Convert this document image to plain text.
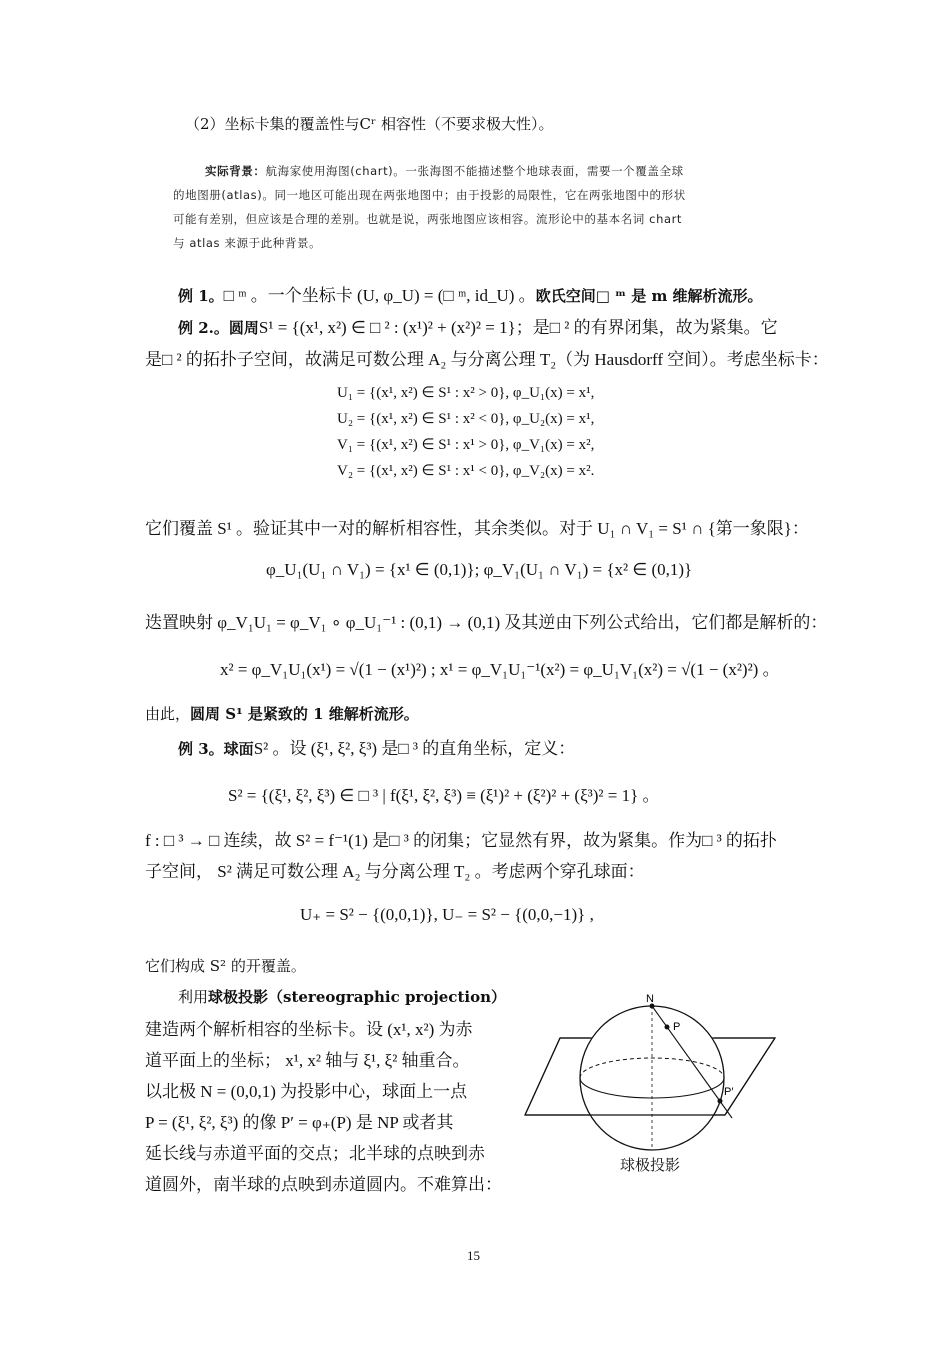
（2）坐标卡集的覆盖性与Cʳ 相容性（不要求极大性）。
实际背景：航海家使用海图(chart)。一张海图不能描述整个地球表面，需要一个覆盖全球
的地图册(atlas)。同一地区可能出现在两张地图中；由于投影的局限性，它在两张地图中的形状
可能有差别，但应该是合理的差别。也就是说，两张地图应该相容。流形论中的基本名词 chart
与 atlas 来源于此种背景。
例 1。□ ᵐ 。一个坐标卡 (U, φ_U) = (□ ᵐ, id_U) 。欧氏空间□ ᵐ 是 m 维解析流形。
例 2.。圆周S¹ = {(x¹, x²) ∈ □ ² : (x¹)² + (x²)² = 1}；是□ ² 的有界闭集，故为紧集。它
是□ ² 的拓扑子空间，故满足可数公理 A₂ 与分离公理 T₂（为 Hausdorff 空间）。考虑坐标卡：
U₁ = {(x¹, x²) ∈ S¹ : x² > 0}, φ_U₁(x) = x¹,
U₂ = {(x¹, x²) ∈ S¹ : x² < 0}, φ_U₂(x) = x¹,
V₁ = {(x¹, x²) ∈ S¹ : x¹ > 0}, φ_V₁(x) = x²,
V₂ = {(x¹, x²) ∈ S¹ : x¹ < 0}, φ_V₂(x) = x².
它们覆盖 S¹ 。验证其中一对的解析相容性，其余类似。对于 U₁ ∩ V₁ = S¹ ∩ {第一象限}：
φ_U₁(U₁ ∩ V₁) = {x¹ ∈ (0,1)}; φ_V₁(U₁ ∩ V₁) = {x² ∈ (0,1)}
迭置映射 φ_V₁U₁ = φ_V₁ ∘ φ_U₁⁻¹ : (0,1) → (0,1) 及其逆由下列公式给出，它们都是解析的：
x² = φ_V₁U₁(x¹) = √(1 − (x¹)²) ; x¹ = φ_V₁U₁⁻¹(x²) = φ_U₁V₁(x²) = √(1 − (x²)²) 。
由此，圆周 S¹ 是紧致的 1 维解析流形。
例 3。球面S² 。设 (ξ¹, ξ², ξ³) 是□ ³ 的直角坐标，定义：
S² = {(ξ¹, ξ², ξ³) ∈ □ ³ | f(ξ¹, ξ², ξ³) ≡ (ξ¹)² + (ξ²)² + (ξ³)² = 1} 。
f : □ ³ → □ 连续，故 S² = f⁻¹(1) 是□ ³ 的闭集；它显然有界，故为紧集。作为□ ³ 的拓扑
子空间， S² 满足可数公理 A₂ 与分离公理 T₂ 。考虑两个穿孔球面：
U₊ = S² − {(0,0,1)}, U₋ = S² − {(0,0,−1)} ,
它们构成 S² 的开覆盖。
利用球极投影（stereographic projection）
建造两个解析相容的坐标卡。设 (x¹, x²) 为赤
道平面上的坐标； x¹, x² 轴与 ξ¹, ξ² 轴重合。
以北极 N = (0,0,1) 为投影中心，球面上一点
P = (ξ¹, ξ², ξ³) 的像 P′ = φ₊(P) 是 NP 或者其
延长线与赤道平面的交点；北半球的点映到赤
道圆外，南半球的点映到赤道圆内。不难算出：
N
P
P′
球极投影
15
